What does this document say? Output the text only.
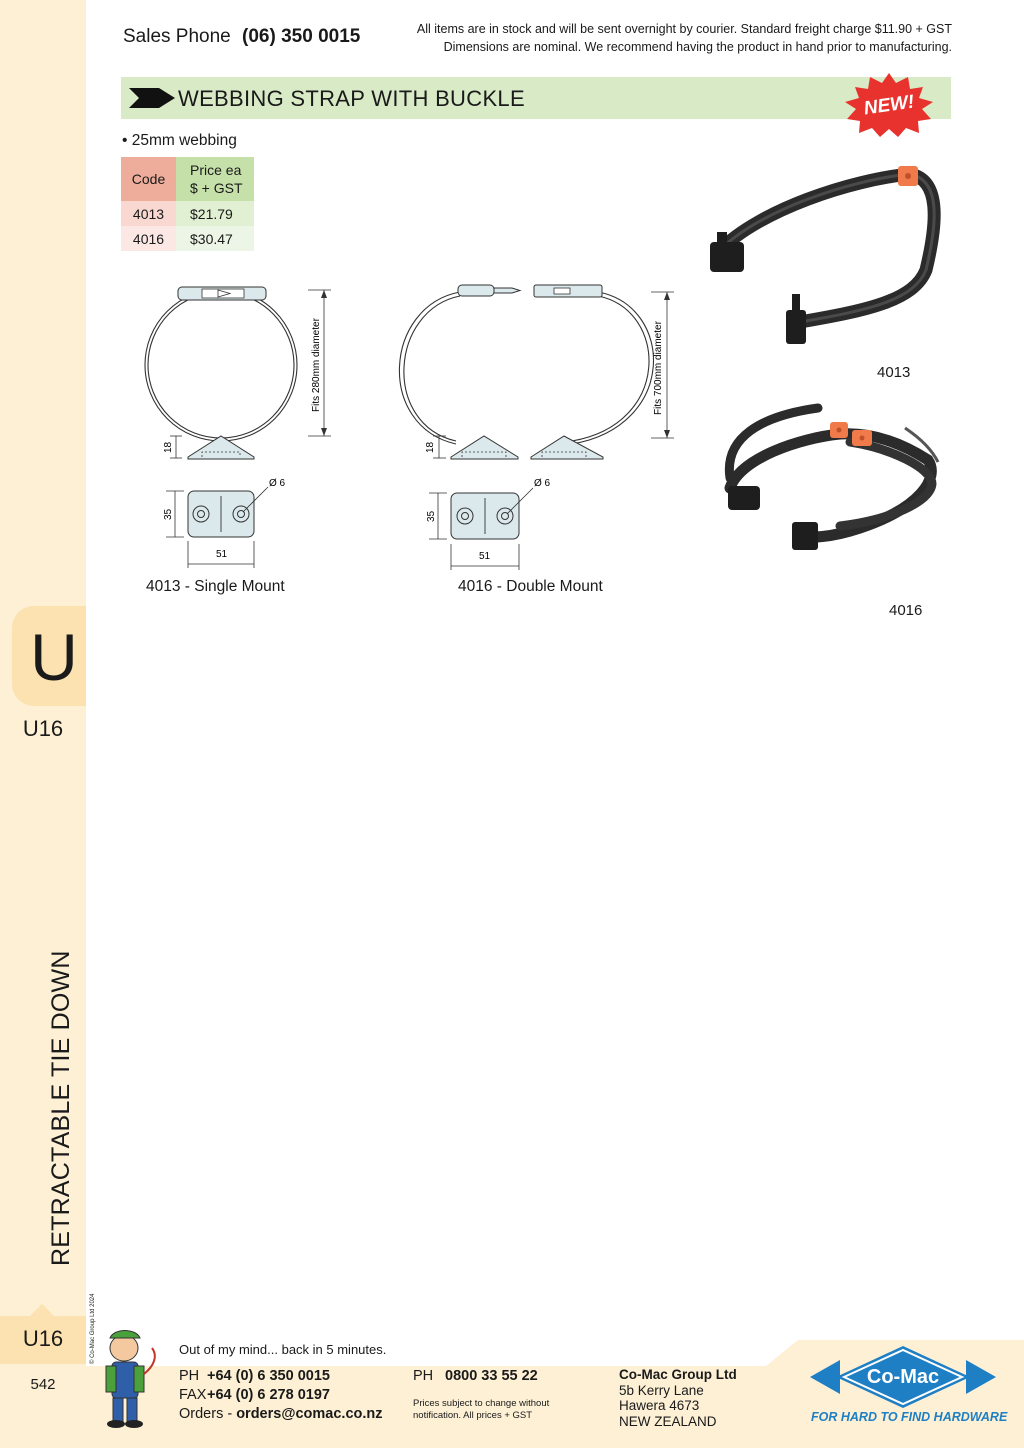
U
U16
RETRACTABLE TIE DOWN
© Co-Mac Group Ltd 2024
U16
542
Sales Phone (06) 350 0015	All items are in stock and will be sent overnight by courier. Standard freight charge $11.90 + GST
Dimensions are nominal. We recommend having the product in hand prior to manufacturing.
WEBBING STRAP WITH BUCKLE	NEW!
• 25mm webbing
Code	Price ea
$ + GST

4013	$21.79
4016	$30.47
Fits 280mm diameter
18
Ø 6
35
51
4013 - Single Mount
Fits 700mm diameter
18
Ø 6
35
51
4016 - Double Mount
4013
4016
Out of my mind... back in 5 minutes.
PH +64 (0) 6 350 0015
FAX +64 (0) 6 278 0197
Orders - orders@comac.co.nz
PH 0800 33 55 22
Prices subject to change without
notification. All prices + GST
Co-Mac Group Ltd
5b Kerry Lane
Hawera 4673
NEW ZEALAND
Co-Mac
FOR HARD TO FIND HARDWARE
